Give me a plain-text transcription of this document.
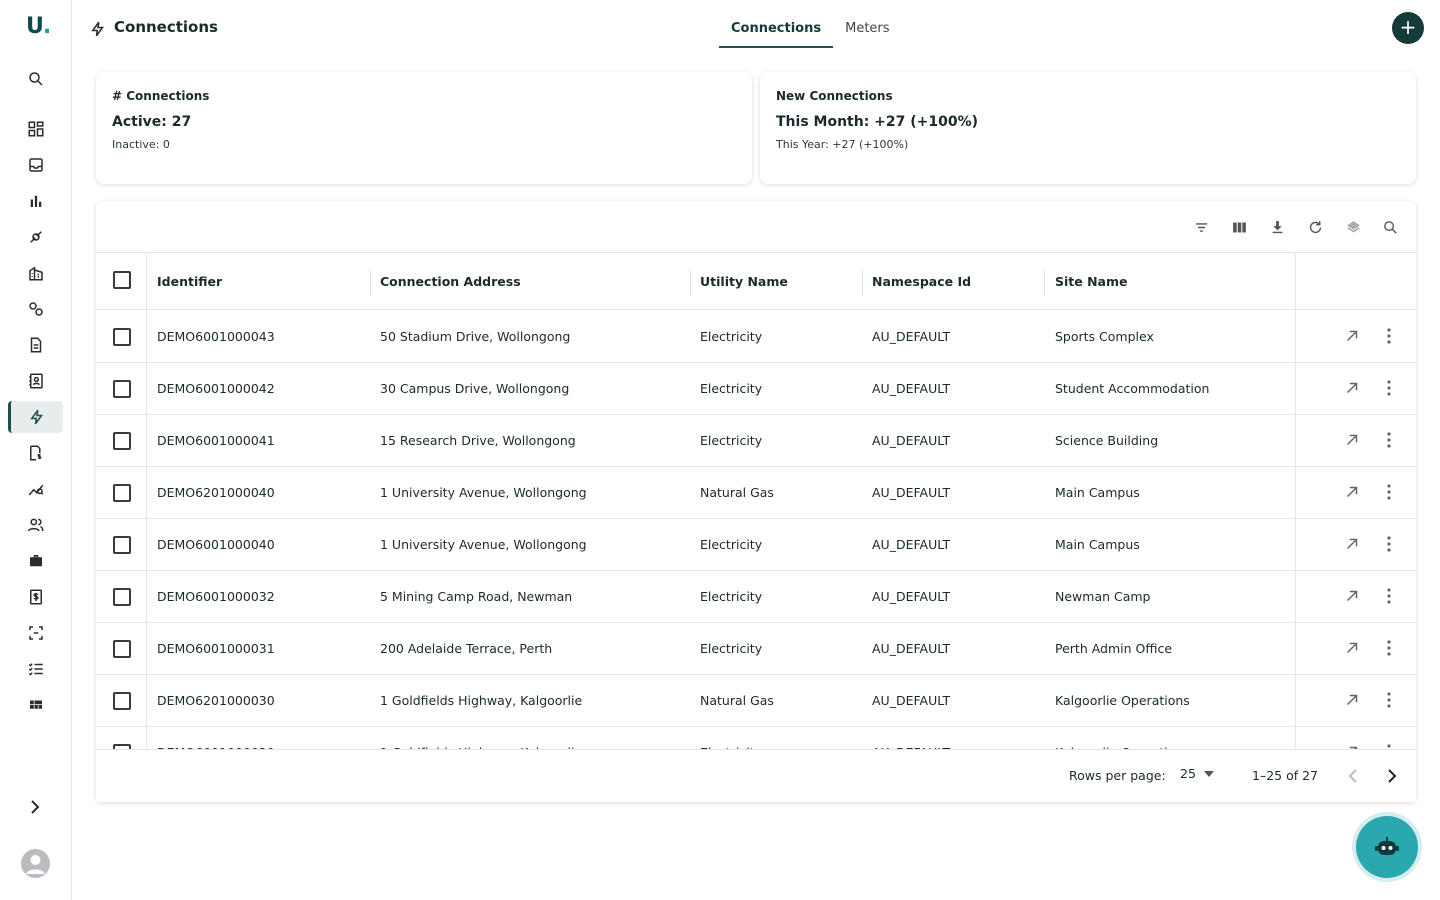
U.	Connections	Connections	Meters	+
# Connections
Active: 27
Inactive: 0
New Connections
This Month: +27 (+100%)
This Year: +27 (+100%)
Identifier	Connection Address	Utility Name	Namespace Id	Site Name
DEMO6001000043	50 Stadium Drive, Wollongong	Electricity	AU_DEFAULT	Sports Complex
DEMO6001000042	30 Campus Drive, Wollongong	Electricity	AU_DEFAULT	Student Accommodation
DEMO6001000041	15 Research Drive, Wollongong	Electricity	AU_DEFAULT	Science Building
DEMO6201000040	1 University Avenue, Wollongong	Natural Gas	AU_DEFAULT	Main Campus
DEMO6001000040	1 University Avenue, Wollongong	Electricity	AU_DEFAULT	Main Campus
DEMO6001000032	5 Mining Camp Road, Newman	Electricity	AU_DEFAULT	Newman Camp
DEMO6001000031	200 Adelaide Terrace, Perth	Electricity	AU_DEFAULT	Perth Admin Office
DEMO6201000030	1 Goldfields Highway, Kalgoorlie	Natural Gas	AU_DEFAULT	Kalgoorlie Operations
Rows per page: 25	1–25 of 27
